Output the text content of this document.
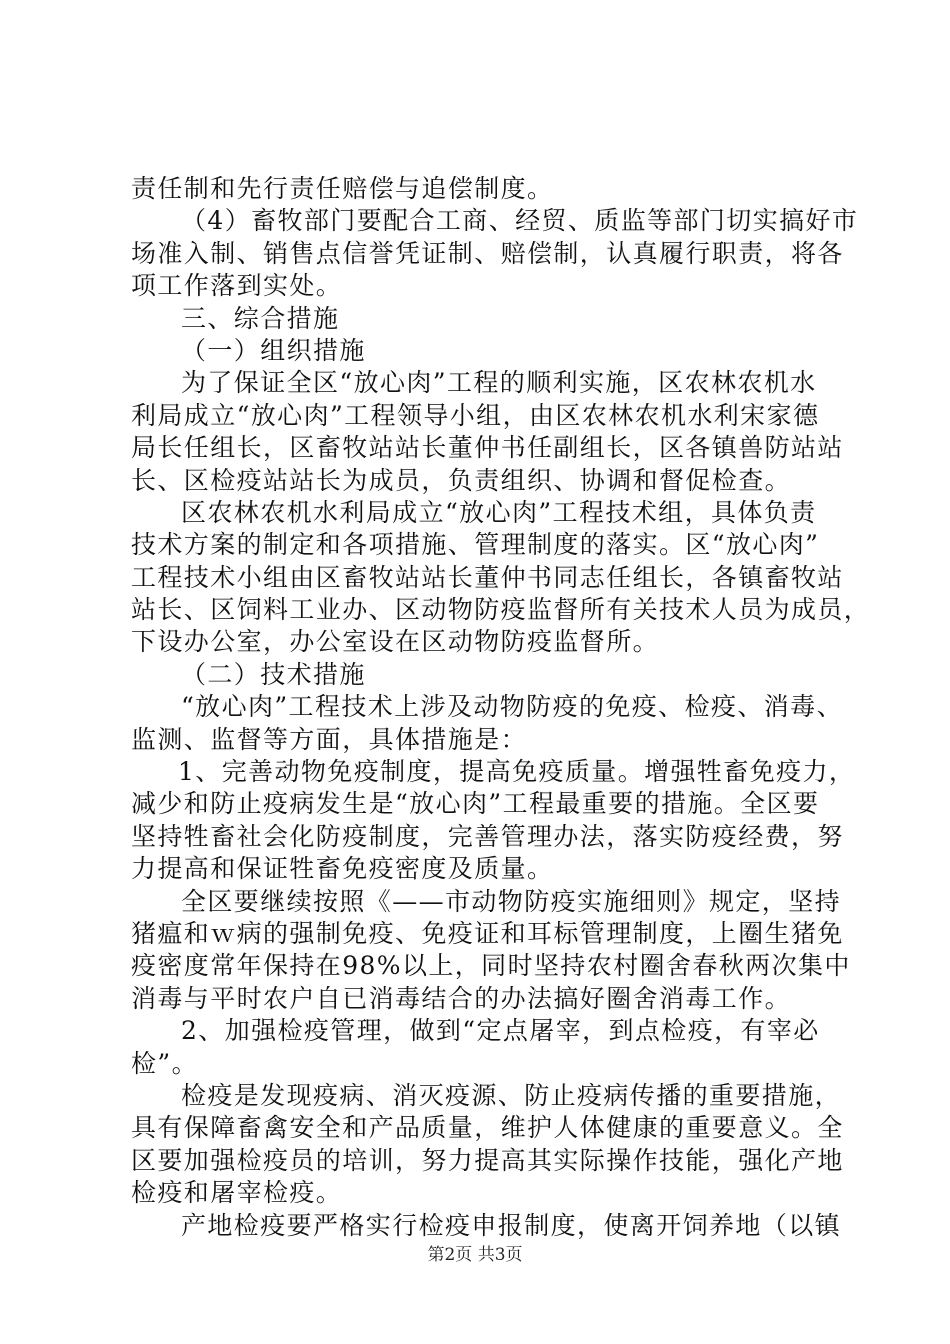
责任制和先行责任赔偿与追偿制度。
（4）畜牧部门要配合工商、经贸、质监等部门切实搞好市
场准入制、销售点信誉凭证制、赔偿制，认真履行职责，将各
项工作落到实处。
三、综合措施
（一）组织措施
为了保证全区“放心肉”工程的顺利实施，区农林农机水
利局成立“放心肉”工程领导小组，由区农林农机水利宋家德
局长任组长，区畜牧站站长董仲书任副组长，区各镇兽防站站
长、区检疫站站长为成员，负责组织、协调和督促检查。
区农林农机水利局成立“放心肉”工程技术组，具体负责
技术方案的制定和各项措施、管理制度的落实。区“放心肉”
工程技术小组由区畜牧站站长董仲书同志任组长，各镇畜牧站
站长、区饲料工业办、区动物防疫监督所有关技术人员为成员，
下设办公室，办公室设在区动物防疫监督所。
（二）技术措施
“放心肉”工程技术上涉及动物防疫的免疫、检疫、消毒、
监测、监督等方面，具体措施是：
1、完善动物免疫制度，提高免疫质量。增强牲畜免疫力，
减少和防止疫病发生是“放心肉”工程最重要的措施。全区要
坚持牲畜社会化防疫制度，完善管理办法，落实防疫经费，努
力提高和保证牲畜免疫密度及质量。
全区要继续按照《——市动物防疫实施细则》规定，坚持
猪瘟和ｗ病的强制免疫、免疫证和耳标管理制度，上圈生猪免
疫密度常年保持在98%以上，同时坚持农村圈舍春秋两次集中
消毒与平时农户自已消毒结合的办法搞好圈舍消毒工作。
2、加强检疫管理，做到“定点屠宰，到点检疫，有宰必
检”。
检疫是发现疫病、消灭疫源、防止疫病传播的重要措施，
具有保障畜禽安全和产品质量，维护人体健康的重要意义。全
区要加强检疫员的培训，努力提高其实际操作技能，强化产地
检疫和屠宰检疫。
产地检疫要严格实行检疫申报制度，使离开饲养地（以镇
第2页 共3页
